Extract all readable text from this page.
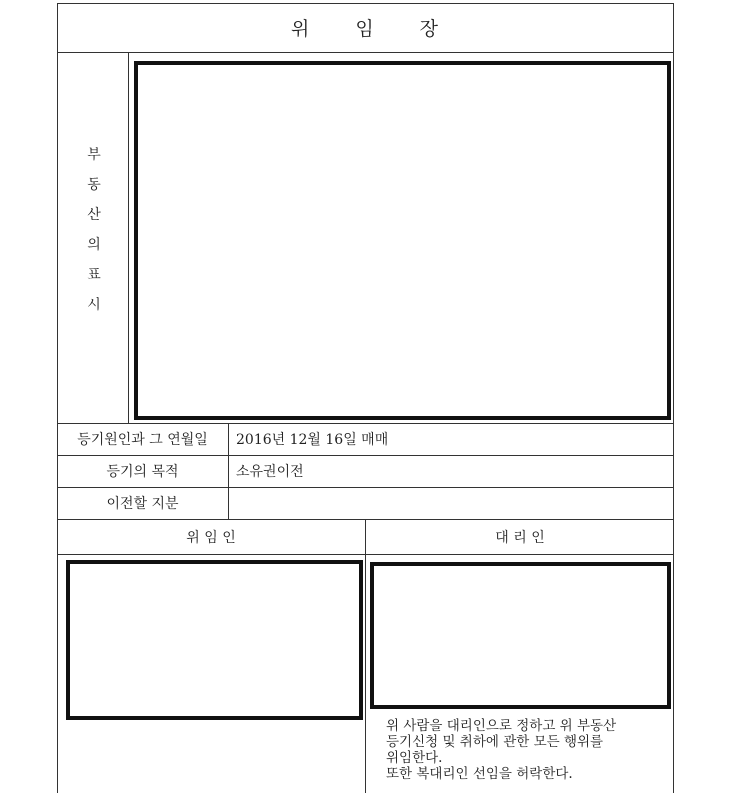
위 임 장
부
동
산
의
표
시
등기원인과 그 연월일	2016년 12월 16일 매매
등기의 목적	소유권이전
이전할 지분
위 임 인	대 리 인

위 사람을 대리인으로 정하고 위 부동산

등기신청 및 취하에 관한 모든 행위를

위임한다.

또한 복대리인 선임을 허락한다.
